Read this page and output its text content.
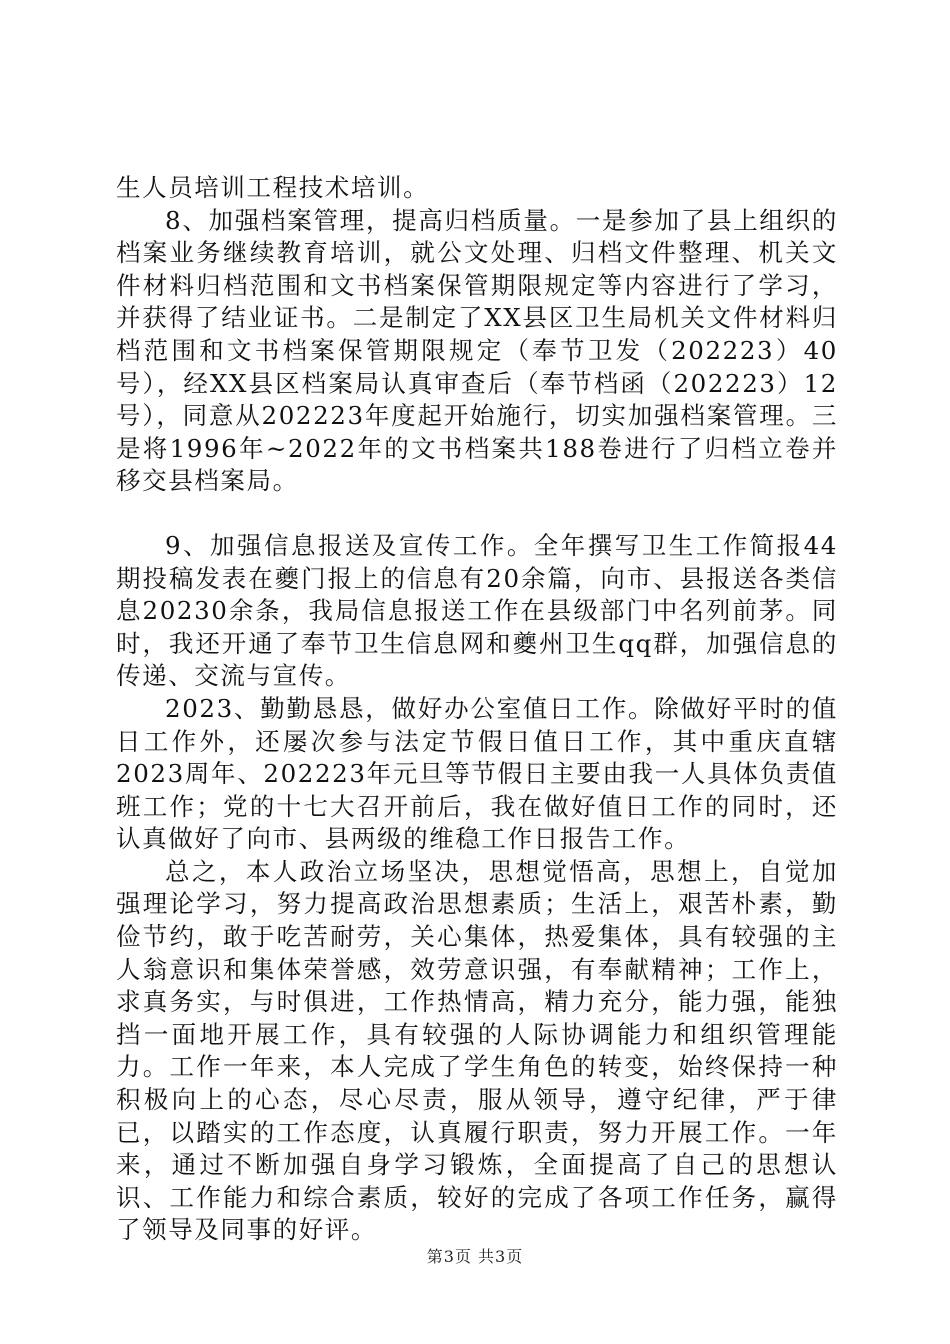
生人员培训工程技术培训。

8、加强档案管理，提高归档质量。一是参加了县上组织的档案业务继续教育培训，就公文处理、归档文件整理、机关文件材料归档范围和文书档案保管期限规定等内容进行了学习，并获得了结业证书。二是制定了XX县区卫生局机关文件材料归档范围和文书档案保管期限规定（奉节卫发（202223）40号），经XX县区档案局认真审查后（奉节档函（202223）12号），同意从202223年度起开始施行，切实加强档案管理。三是将1996年~2022年的文书档案共188卷进行了归档立卷并移交县档案局。

9、加强信息报送及宣传工作。全年撰写卫生工作简报44期投稿发表在夔门报上的信息有20余篇，向市、县报送各类信息20230余条，我局信息报送工作在县级部门中名列前茅。同时，我还开通了奉节卫生信息网和夔州卫生qq群，加强信息的传递、交流与宣传。

2023、勤勤恳恳，做好办公室值日工作。除做好平时的值日工作外，还屡次参与法定节假日值日工作，其中重庆直辖2023周年、202223年元旦等节假日主要由我一人具体负责值班工作；党的十七大召开前后，我在做好值日工作的同时，还认真做好了向市、县两级的维稳工作日报告工作。

总之，本人政治立场坚决，思想觉悟高，思想上，自觉加强理论学习，努力提高政治思想素质；生活上，艰苦朴素，勤俭节约，敢于吃苦耐劳，关心集体，热爱集体，具有较强的主人翁意识和集体荣誉感，效劳意识强，有奉献精神；工作上，求真务实，与时俱进，工作热情高，精力充分，能力强，能独挡一面地开展工作，具有较强的人际协调能力和组织管理能力。工作一年来，本人完成了学生角色的转变，始终保持一种积极向上的心态，尽心尽责，服从领导，遵守纪律，严于律已，以踏实的工作态度，认真履行职责，努力开展工作。一年来，通过不断加强自身学习锻炼，全面提高了自己的思想认识、工作能力和综合素质，较好的完成了各项工作任务，赢得了领导及同事的好评。

第3页 共3页
